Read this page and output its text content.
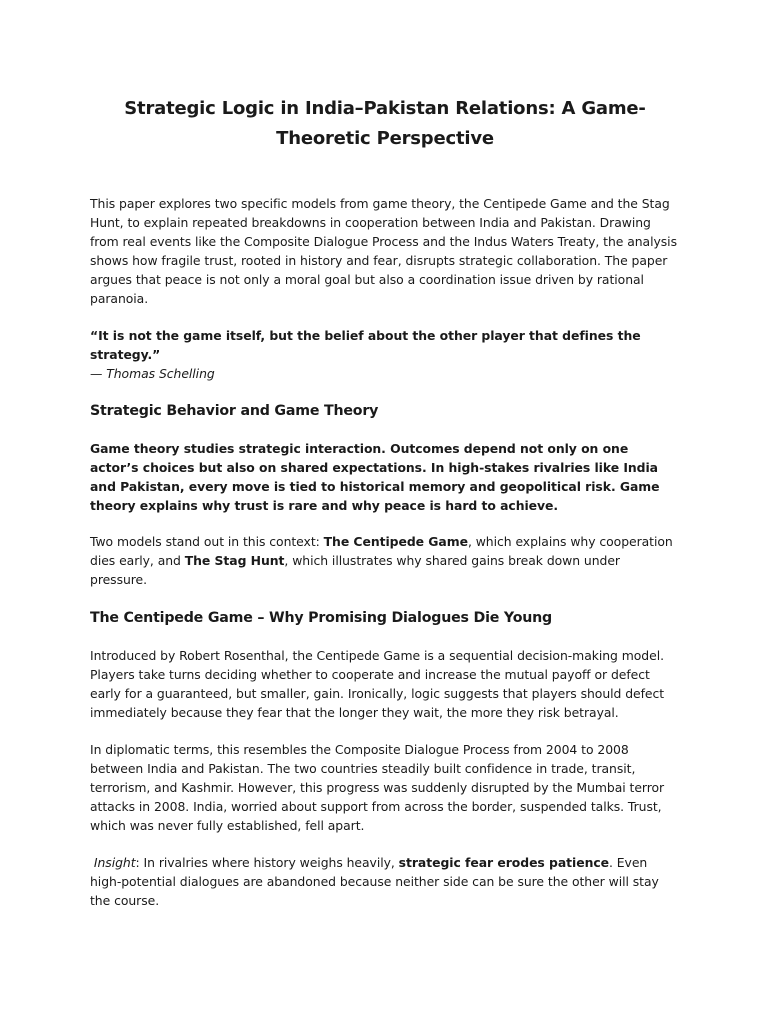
Strategic Logic in India–Pakistan Relations: A Game-Theoretic Perspective

This paper explores two specific models from game theory, the Centipede Game and the Stag Hunt, to explain repeated breakdowns in cooperation between India and Pakistan. Drawing from real events like the Composite Dialogue Process and the Indus Waters Treaty, the analysis shows how fragile trust, rooted in history and fear, disrupts strategic collaboration. The paper argues that peace is not only a moral goal but also a coordination issue driven by rational paranoia.

“It is not the game itself, but the belief about the other player that defines the strategy.”

— Thomas Schelling

Strategic Behavior and Game Theory

Game theory studies strategic interaction. Outcomes depend not only on one actor’s choices but also on shared expectations. In high-stakes rivalries like India and Pakistan, every move is tied to historical memory and geopolitical risk. Game theory explains why trust is rare and why peace is hard to achieve.

Two models stand out in this context: The Centipede Game, which explains why cooperation dies early, and The Stag Hunt, which illustrates why shared gains break down under pressure.

The Centipede Game – Why Promising Dialogues Die Young

Introduced by Robert Rosenthal, the Centipede Game is a sequential decision-making model. Players take turns deciding whether to cooperate and increase the mutual payoff or defect early for a guaranteed, but smaller, gain. Ironically, logic suggests that players should defect immediately because they fear that the longer they wait, the more they risk betrayal.

In diplomatic terms, this resembles the Composite Dialogue Process from 2004 to 2008 between India and Pakistan. The two countries steadily built confidence in trade, transit, terrorism, and Kashmir. However, this progress was suddenly disrupted by the Mumbai terror attacks in 2008. India, worried about support from across the border, suspended talks. Trust, which was never fully established, fell apart.

Insight: In rivalries where history weighs heavily, strategic fear erodes patience. Even high-potential dialogues are abandoned because neither side can be sure the other will stay the course.
